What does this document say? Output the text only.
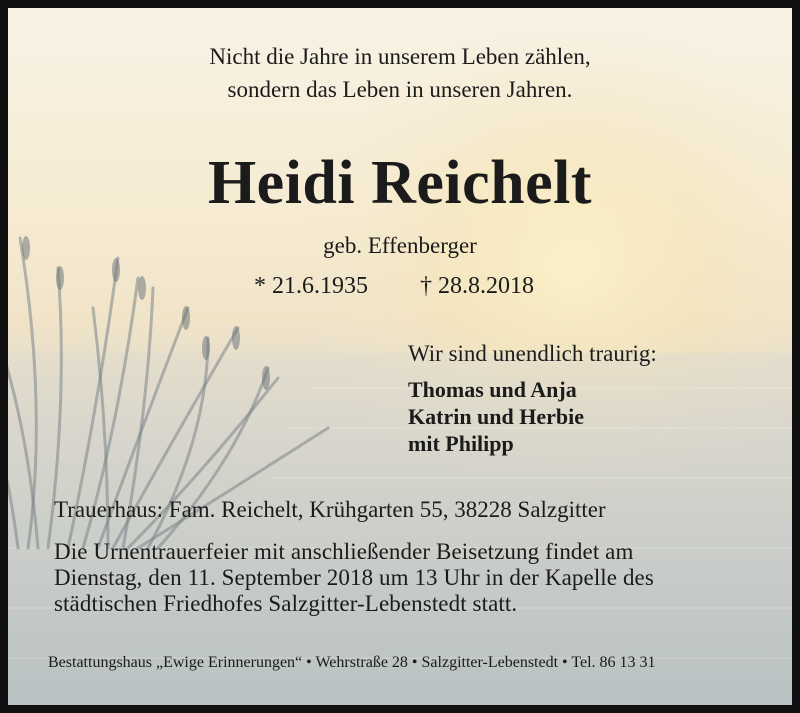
Nicht die Jahre in unserem Leben zählen,
sondern das Leben in unseren Jahren.
Heidi Reichelt
geb. Effenberger
* 21.6.1935 † 28.8.2018
Wir sind unendlich traurig:
Thomas und Anja
Katrin und Herbie
mit Philipp
Trauerhaus: Fam. Reichelt, Krühgarten 55, 38228 Salzgitter
Die Urnentrauerfeier mit anschließender Beisetzung findet am
Dienstag, den 11. September 2018 um 13 Uhr in der Kapelle des
städtischen Friedhofes Salzgitter-Lebenstedt statt.
Bestattungshaus „Ewige Erinnerungen“ • Wehrstraße 28 • Salzgitter-Lebenstedt • Tel. 86 13 31
